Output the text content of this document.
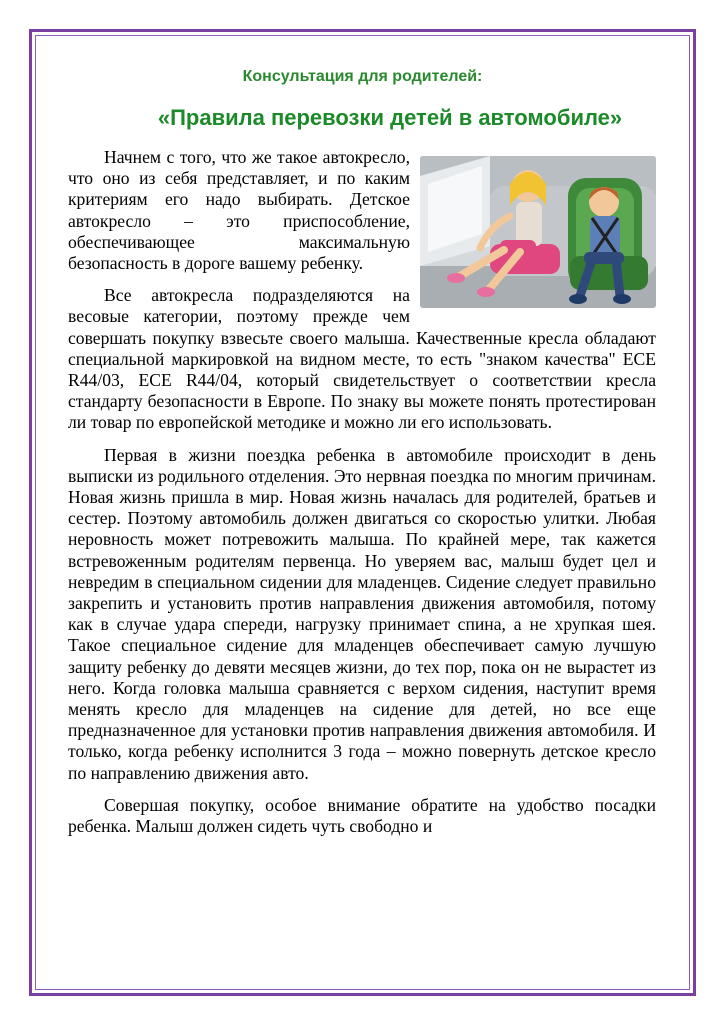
Консультация для родителей:
«Правила перевозки детей в автомобиле»

Начнем с того, что же такое автокресло, что оно из себя представляет, и по каким критериям его надо выбирать. Детское автокресло – это приспособление, обеспечивающее максимальную безопасность в дороге вашему ребенку.

Все автокресла подразделяются на весовые категории, поэтому прежде чем совершать покупку взвесьте своего малыша. Качественные кресла обладают специальной маркировкой на видном месте, то есть "знаком качества" ECE R44/03, ECE R44/04, который свидетельствует о соответствии кресла стандарту безопасности в Европе. По знаку вы можете понять протестирован ли товар по европейской методике и можно ли его использовать.

Первая в жизни поездка ребенка в автомобиле происходит в день выписки из родильного отделения. Это нервная поездка по многим причинам. Новая жизнь пришла в мир. Новая жизнь началась для родителей, братьев и сестер. Поэтому автомобиль должен двигаться со скоростью улитки. Любая неровность может потревожить малыша. По крайней мере, так кажется встревоженным родителям первенца. Но уверяем вас, малыш будет цел и невредим в специальном сидении для младенцев. Сидение следует правильно закрепить и установить против направления движения автомобиля, потому как в случае удара спереди, нагрузку принимает спина, а не хрупкая шея. Такое специальное сидение для младенцев обеспечивает самую лучшую защиту ребенку до девяти месяцев жизни, до тех пор, пока он не вырастет из него. Когда головка малыша сравняется с верхом сидения, наступит время менять кресло для младенцев на сидение для детей, но все еще предназначенное для установки против направления движения автомобиля. И только, когда ребенку исполнится 3 года – можно повернуть детское кресло по направлению движения авто.

Совершая покупку, особое внимание обратите на удобство посадки ребенка. Малыш должен сидеть чуть свободно и
